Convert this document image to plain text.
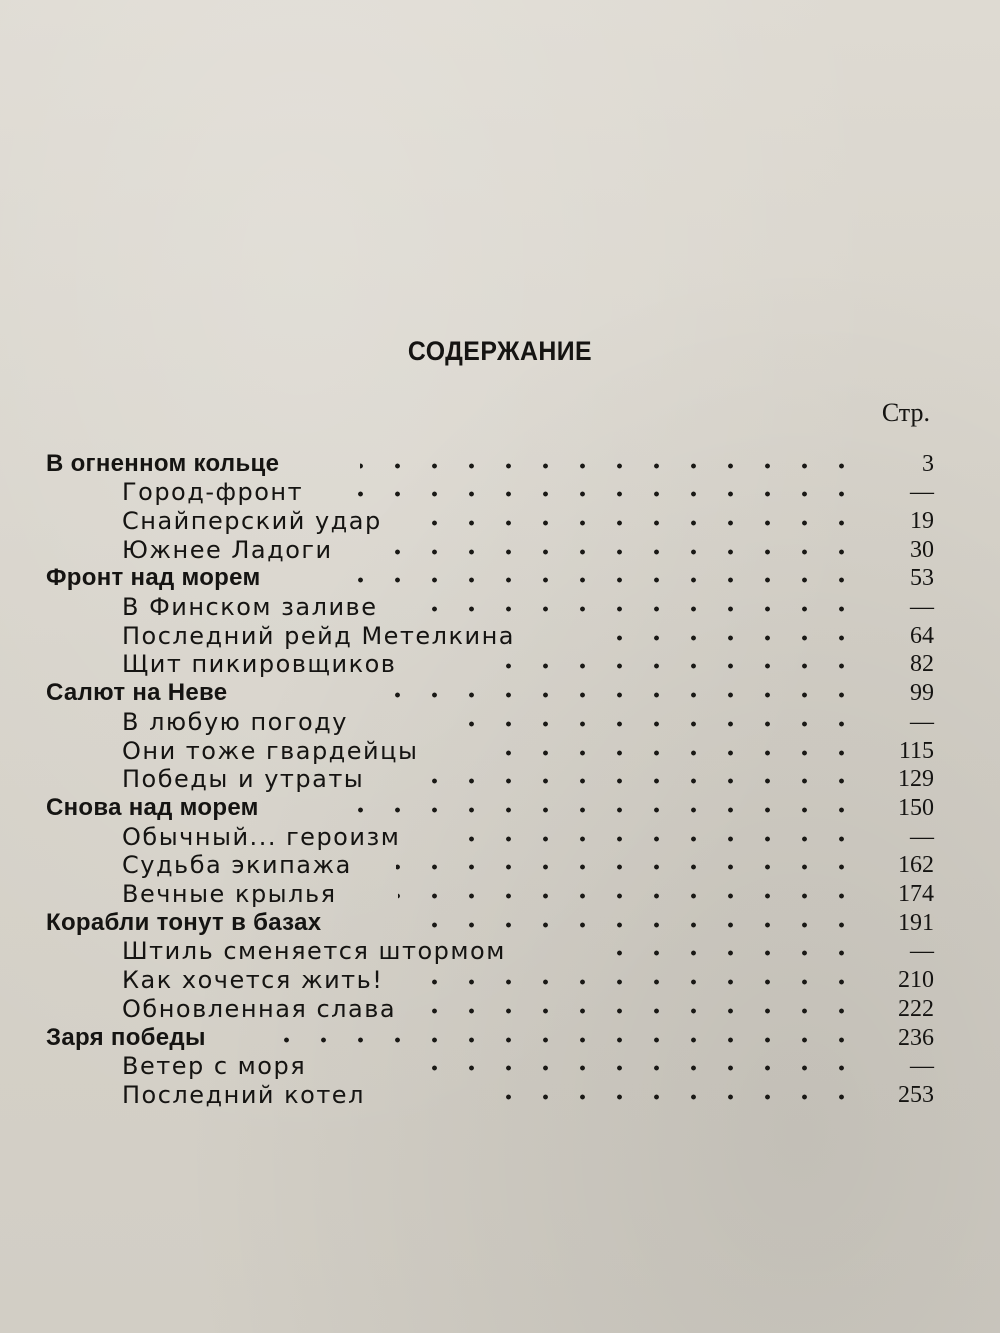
СОДЕРЖАНИЕ
Стр.
В огненном кольце	3
Город-фронт	—
Снайперский удар	19
Южнее Ладоги	30
Фронт над морем	53
В Финском заливе	—
Последний рейд Метелкина	64
Щит пикировщиков	82
Салют на Неве	99
В любую погоду	—
Они тоже гвардейцы	115
Победы и утраты	129
Снова над морем	150
Обычный... героизм	—
Судьба экипажа	162
Вечные крылья	174
Корабли тонут в базах	191
Штиль сменяется штормом	—
Как хочется жить!	210
Обновленная слава	222
Заря победы	236
Ветер с моря	—
Последний котел	253
